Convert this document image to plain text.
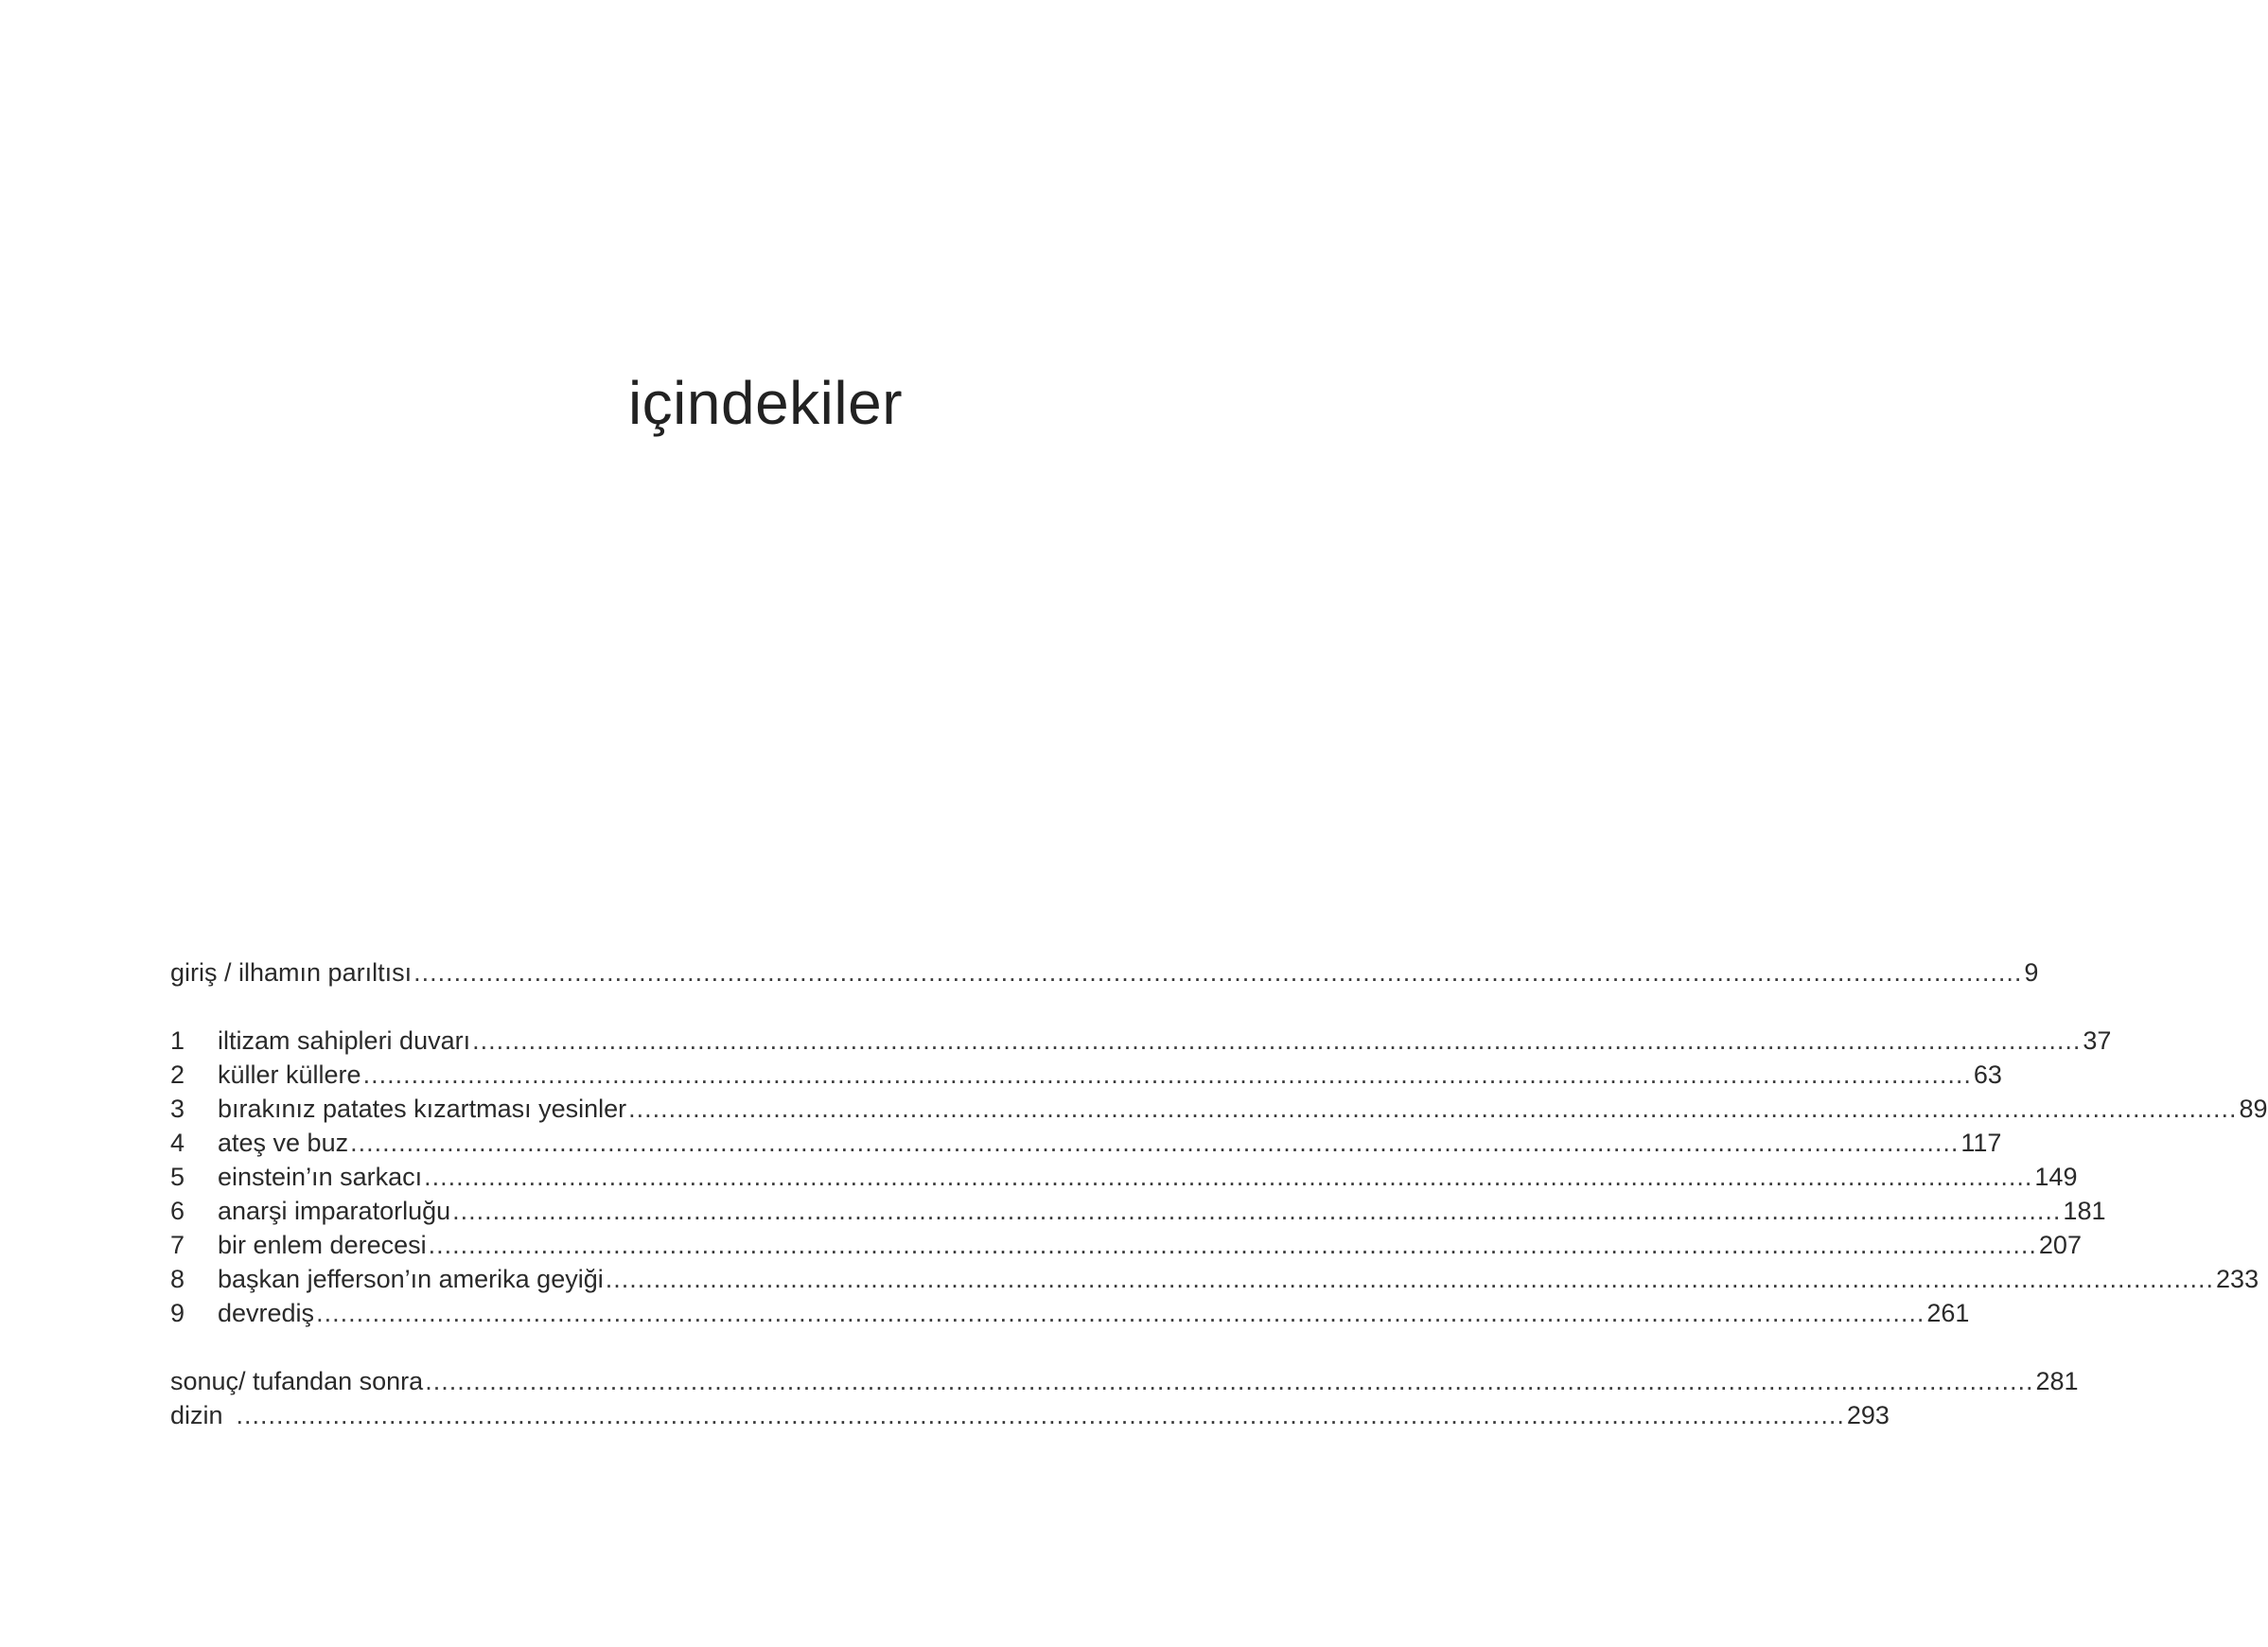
içindekiler
giriş / ilhamın parıltısı ........................................................................................................................................................................................................ 9
1	iltizam sahipleri duvarı ........................................................................................................................................................................................................ 37
2	küller küllere ........................................................................................................................................................................................................ 63
3	bırakınız patates kızartması yesinler ........................................................................................................................................................................................................ 89
4	ateş ve buz ........................................................................................................................................................................................................ 117
5	einstein’ın sarkacı ........................................................................................................................................................................................................ 149
6	anarşi imparatorluğu ........................................................................................................................................................................................................ 181
7	bir enlem derecesi ........................................................................................................................................................................................................ 207
8	başkan jefferson’ın amerika geyiği ........................................................................................................................................................................................................ 233
9	devrediş ........................................................................................................................................................................................................ 261
sonuç/ tufandan sonra ........................................................................................................................................................................................................ 281
dizin ........................................................................................................................................................................................................ 293
